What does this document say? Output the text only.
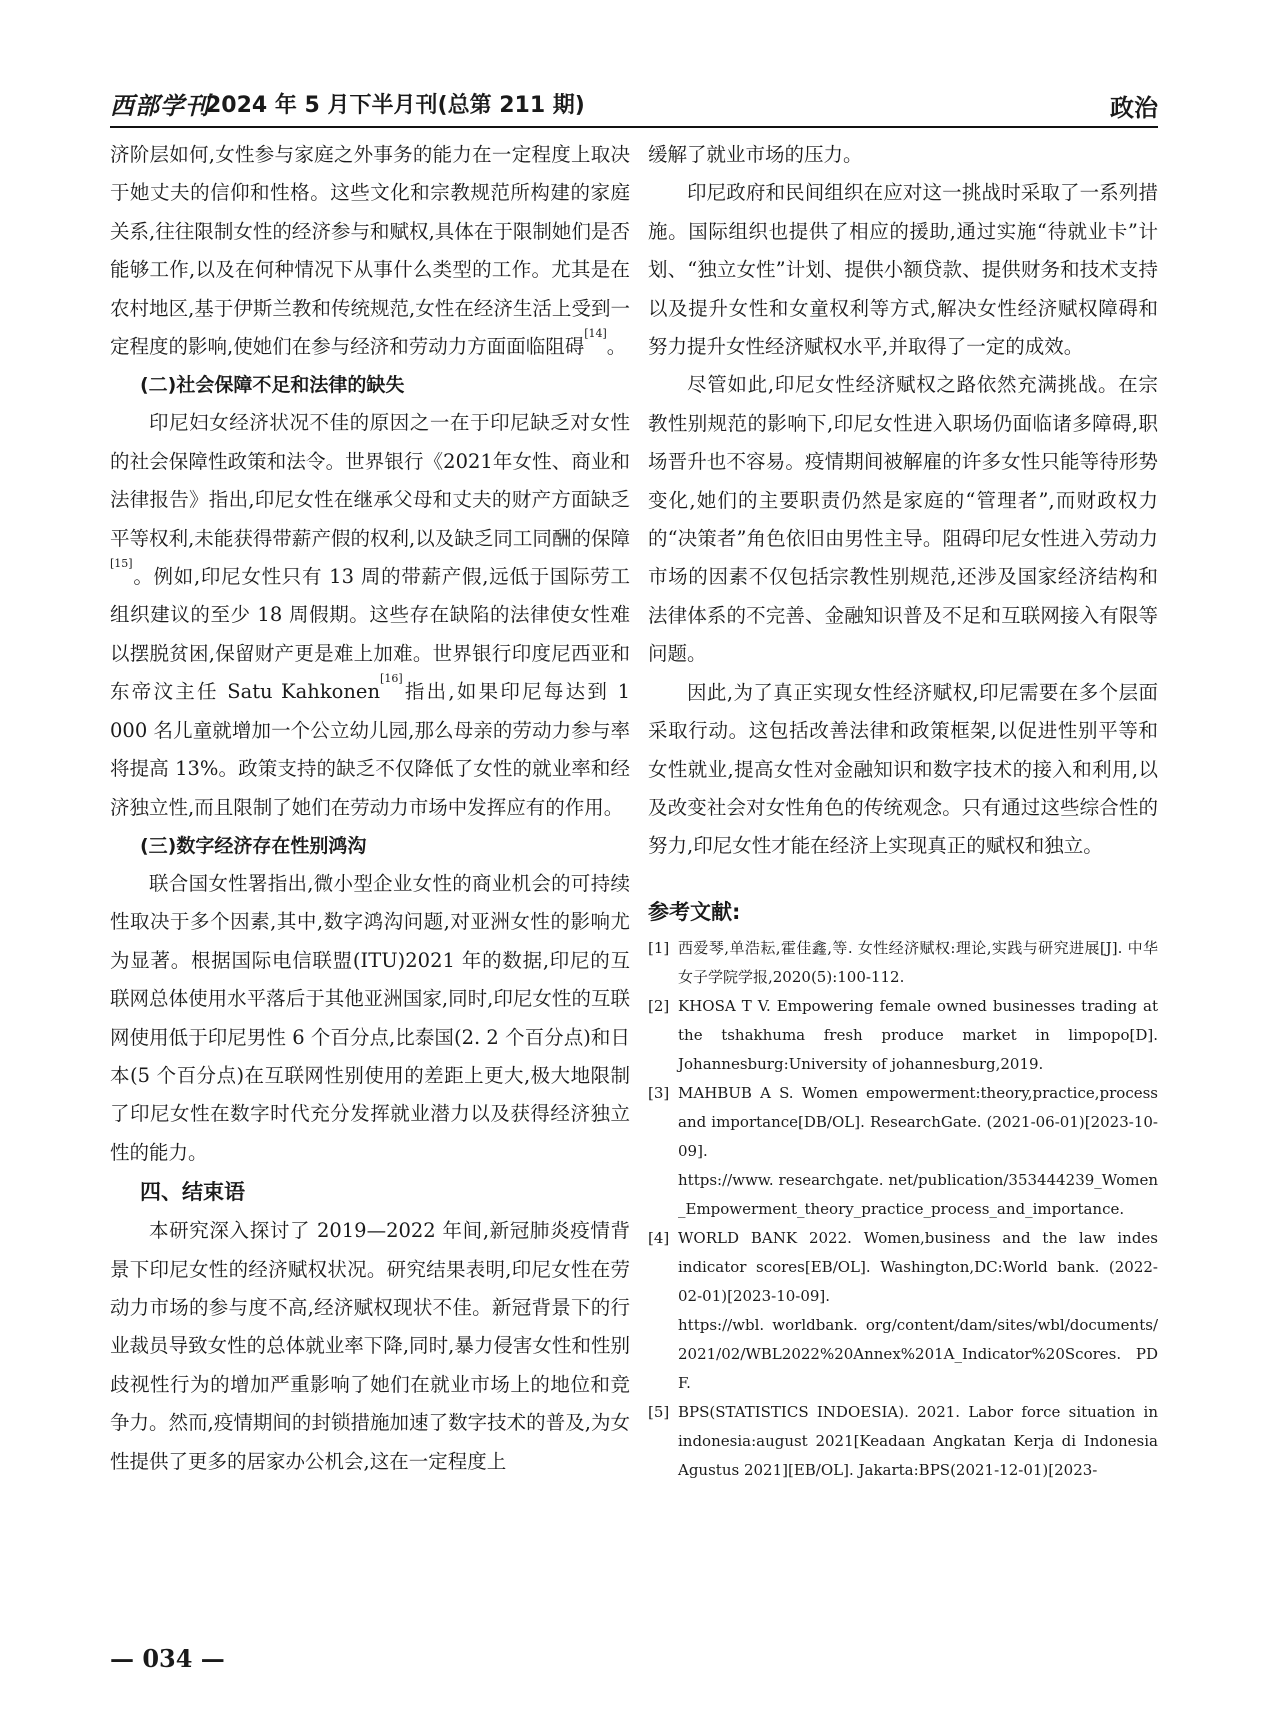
西部学刊
2024 年 5 月下半月刊(总第 211 期)	政治

济阶层如何,女性参与家庭之外事务的能力在一定程度上取决于她丈夫的信仰和性格。这些文化和宗教规范所构建的家庭关系,往往限制女性的经济参与和赋权,具体在于限制她们是否能够工作,以及在何种情况下从事什么类型的工作。尤其是在农村地区,基于伊斯兰教和传统规范,女性在经济生活上受到一定程度的影响,使她们在参与经济和劳动力方面面临阻碍[14]。

(二)社会保障不足和法律的缺失

印尼妇女经济状况不佳的原因之一在于印尼缺乏对女性的社会保障性政策和法令。世界银行《2021年女性、商业和法律报告》指出,印尼女性在继承父母和丈夫的财产方面缺乏平等权利,未能获得带薪产假的权利,以及缺乏同工同酬的保障[15]。例如,印尼女性只有 13 周的带薪产假,远低于国际劳工组织建议的至少 18 周假期。这些存在缺陷的法律使女性难以摆脱贫困,保留财产更是难上加难。世界银行印度尼西亚和东帝汶主任 Satu Kahkonen[16]指出,如果印尼每达到 1 000 名儿童就增加一个公立幼儿园,那么母亲的劳动力参与率将提高 13%。政策支持的缺乏不仅降低了女性的就业率和经济独立性,而且限制了她们在劳动力市场中发挥应有的作用。

(三)数字经济存在性别鸿沟

联合国女性署指出,微小型企业女性的商业机会的可持续性取决于多个因素,其中,数字鸿沟问题,对亚洲女性的影响尤为显著。根据国际电信联盟(ITU)2021 年的数据,印尼的互联网总体使用水平落后于其他亚洲国家,同时,印尼女性的互联网使用低于印尼男性 6 个百分点,比泰国(2. 2 个百分点)和日本(5 个百分点)在互联网性别使用的差距上更大,极大地限制了印尼女性在数字时代充分发挥就业潜力以及获得经济独立性的能力。

四、结束语

本研究深入探讨了 2019—2022 年间,新冠肺炎疫情背景下印尼女性的经济赋权状况。研究结果表明,印尼女性在劳动力市场的参与度不高,经济赋权现状不佳。新冠背景下的行业裁员导致女性的总体就业率下降,同时,暴力侵害女性和性别歧视性行为的增加严重影响了她们在就业市场上的地位和竞争力。然而,疫情期间的封锁措施加速了数字技术的普及,为女性提供了更多的居家办公机会,这在一定程度上

缓解了就业市场的压力。

印尼政府和民间组织在应对这一挑战时采取了一系列措施。国际组织也提供了相应的援助,通过实施“待就业卡”计划、“独立女性”计划、提供小额贷款、提供财务和技术支持以及提升女性和女童权利等方式,解决女性经济赋权障碍和努力提升女性经济赋权水平,并取得了一定的成效。

尽管如此,印尼女性经济赋权之路依然充满挑战。在宗教性别规范的影响下,印尼女性进入职场仍面临诸多障碍,职场晋升也不容易。疫情期间被解雇的许多女性只能等待形势变化,她们的主要职责仍然是家庭的“管理者”,而财政权力的“决策者”角色依旧由男性主导。阻碍印尼女性进入劳动力市场的因素不仅包括宗教性别规范,还涉及国家经济结构和法律体系的不完善、金融知识普及不足和互联网接入有限等问题。

因此,为了真正实现女性经济赋权,印尼需要在多个层面采取行动。这包括改善法律和政策框架,以促进性别平等和女性就业,提高女性对金融知识和数字技术的接入和利用,以及改变社会对女性角色的传统观念。只有通过这些综合性的努力,印尼女性才能在经济上实现真正的赋权和独立。

参考文献:
[1] 西爱琴,单浩耘,霍佳鑫,等. 女性经济赋权:理论,实践与研究进展[J]. 中华女子学院学报,2020(5):100-112.
[2] KHOSA T V. Empowering female owned businesses trading at the tshakhuma fresh produce market in limpopo[D]. Johannesburg:University of johannesburg,2019.
[3] MAHBUB A S. Women empowerment:theory,practice,process and importance[DB/OL]. ResearchGate. (2021-06-01)[2023-10-09].
https://www. researchgate. net/publication/353444239_Women_Empowerment_theory_practice_process_and_importance.
[4] WORLD BANK 2022. Women,business and the law indes indicator scores[EB/OL]. Washington,DC:World bank. (2022-02-01)[2023-10-09].
https://wbl. worldbank. org/content/dam/sites/wbl/documents/2021/02/WBL2022%20Annex%201A_Indicator%20Scores. PDF.
[5] BPS(STATISTICS INDOESIA). 2021. Labor force situation in indonesia:august 2021[Keadaan Angkatan Kerja di Indonesia Agustus 2021][EB/OL]. Jakarta:BPS(2021-12-01)[2023-
— 034 —
